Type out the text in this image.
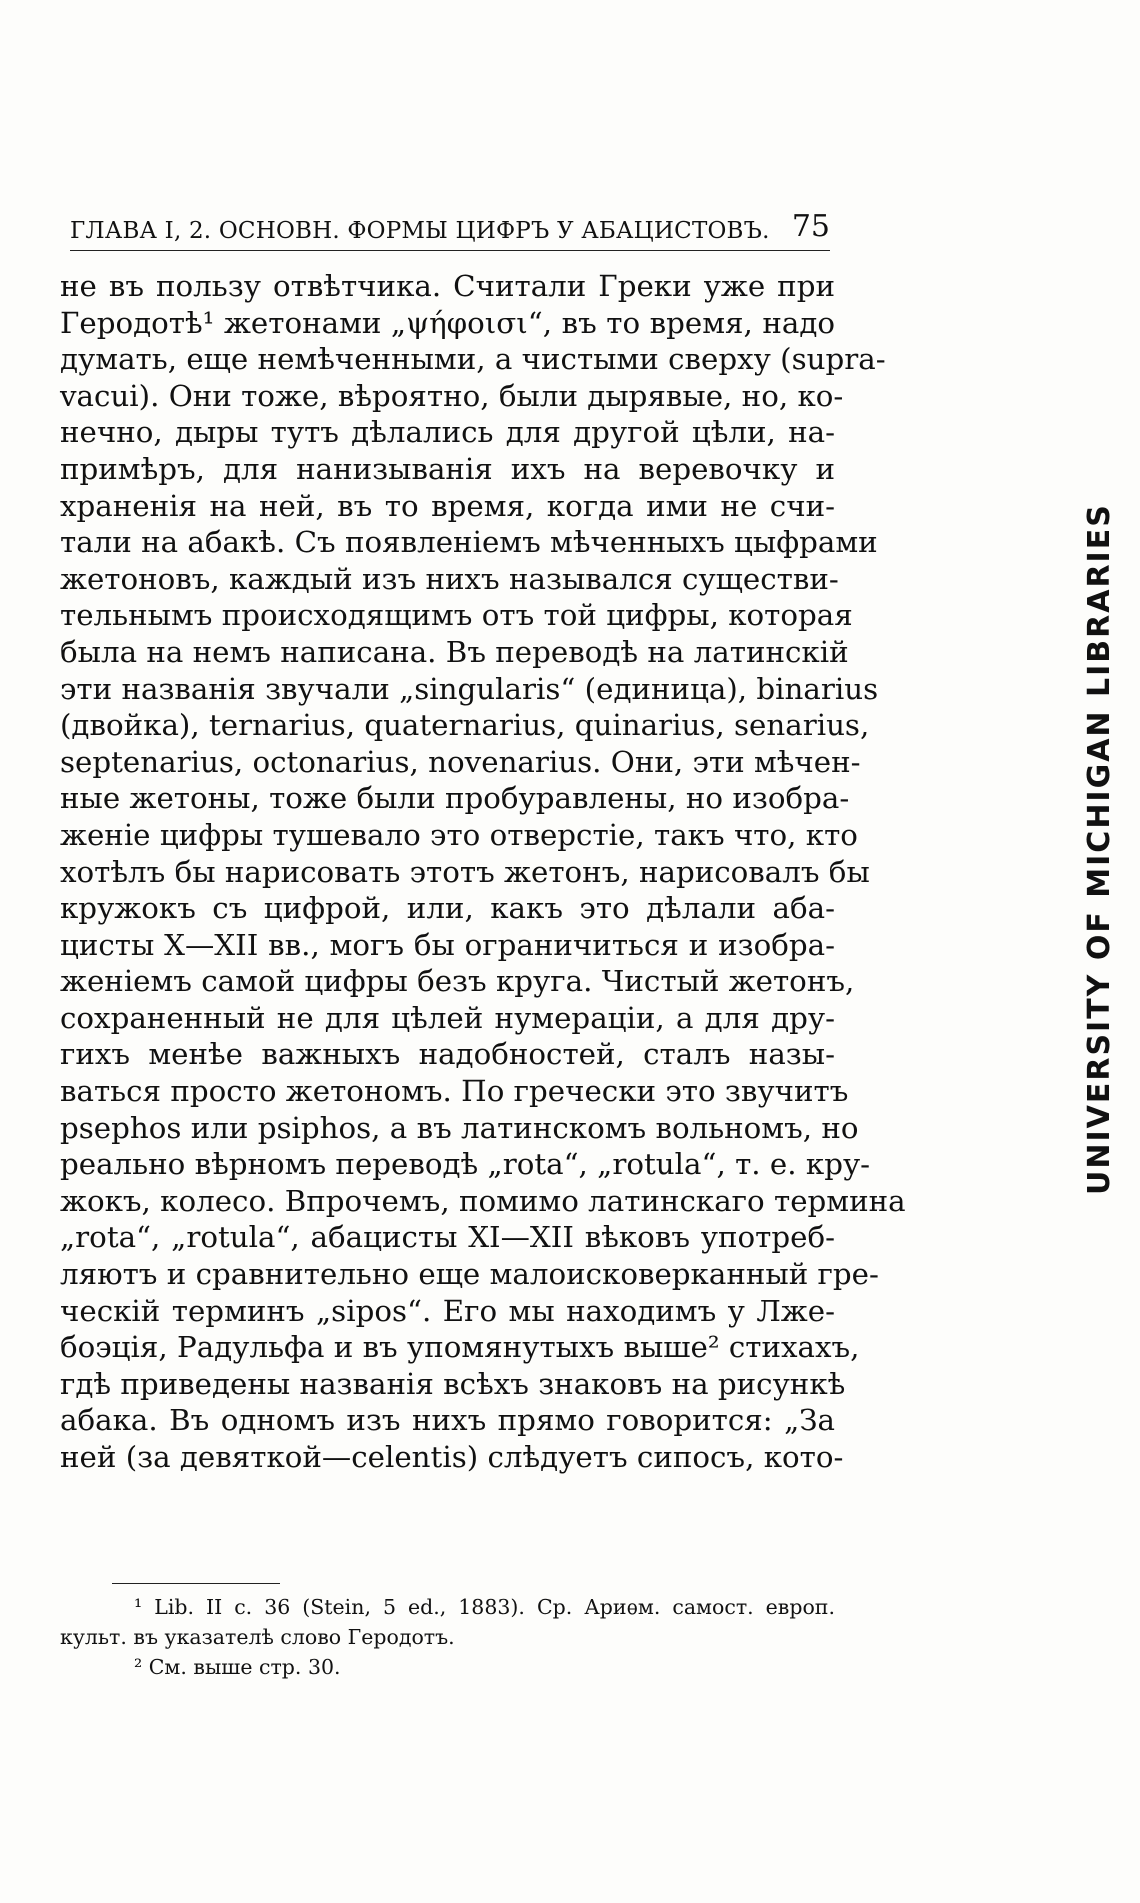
ГЛАВА I, 2. ОСНОВН. ФОРМЫ ЦИФРЪ У АБАЦИСТОВЪ. 75
не въ пользу отвѣтчика. Считали Греки уже при
Геродотѣ¹ жетонами „ψήφοισι“, въ то время, надо
думать, еще немѣченными, а чистыми сверху (supra-
vacui). Они тоже, вѣроятно, были дырявые, но, ко-
нечно, дыры тутъ дѣлались для другой цѣли, на-
примѣръ, для нанизыванія ихъ на веревочку и
храненія на ней, въ то время, когда ими не счи-
тали на абакѣ. Съ появленіемъ мѣченныхъ цыфрами
жетоновъ, каждый изъ нихъ назывался существи-
тельнымъ происходящимъ отъ той цифры, которая
была на немъ написана. Въ переводѣ на латинскій
эти названія звучали „singularis“ (единица), binarius
(двойка), ternarius, quaternarius, quinarius, senarius,
septenarius, octonarius, novenarius. Они, эти мѣчен-
ные жетоны, тоже были пробуравлены, но изобра-
женіе цифры тушевало это отверстіе, такъ что, кто
хотѣлъ бы нарисовать этотъ жетонъ, нарисовалъ бы
кружокъ съ цифрой, или, какъ это дѣлали аба-
цисты X—XII вв., могъ бы ограничиться и изобра-
женіемъ самой цифры безъ круга. Чистый жетонъ,
сохраненный не для цѣлей нумераціи, а для дру-
гихъ менѣе важныхъ надобностей, сталъ назы-
ваться просто жетономъ. По гречески это звучитъ
psephos или psiphos, а въ латинскомъ вольномъ, но
реально вѣрномъ переводѣ „rota“, „rotula“, т. е. кру-
жокъ, колесо. Впрочемъ, помимо латинскаго термина
„rota“, „rotula“, абацисты XI—XII вѣковъ употреб-
ляютъ и сравнительно еще малоисковерканный гре-
ческій терминъ „sipos“. Его мы находимъ у Лже-
боэція, Радульфа и въ упомянутыхъ выше² стихахъ,
гдѣ приведены названія всѣхъ знаковъ на рисункѣ
абака. Въ одномъ изъ нихъ прямо говорится: „За
ней (за девяткой—celentis) слѣдуетъ сипосъ, кото-
¹ Lib. II с. 36 (Stein, 5 ed., 1883). Ср. Ариѳм. самост. европ.
культ. въ указателѣ слово Геродотъ.
² См. выше стр. 30.
UNIVERSITY OF MICHIGAN LIBRARIES
